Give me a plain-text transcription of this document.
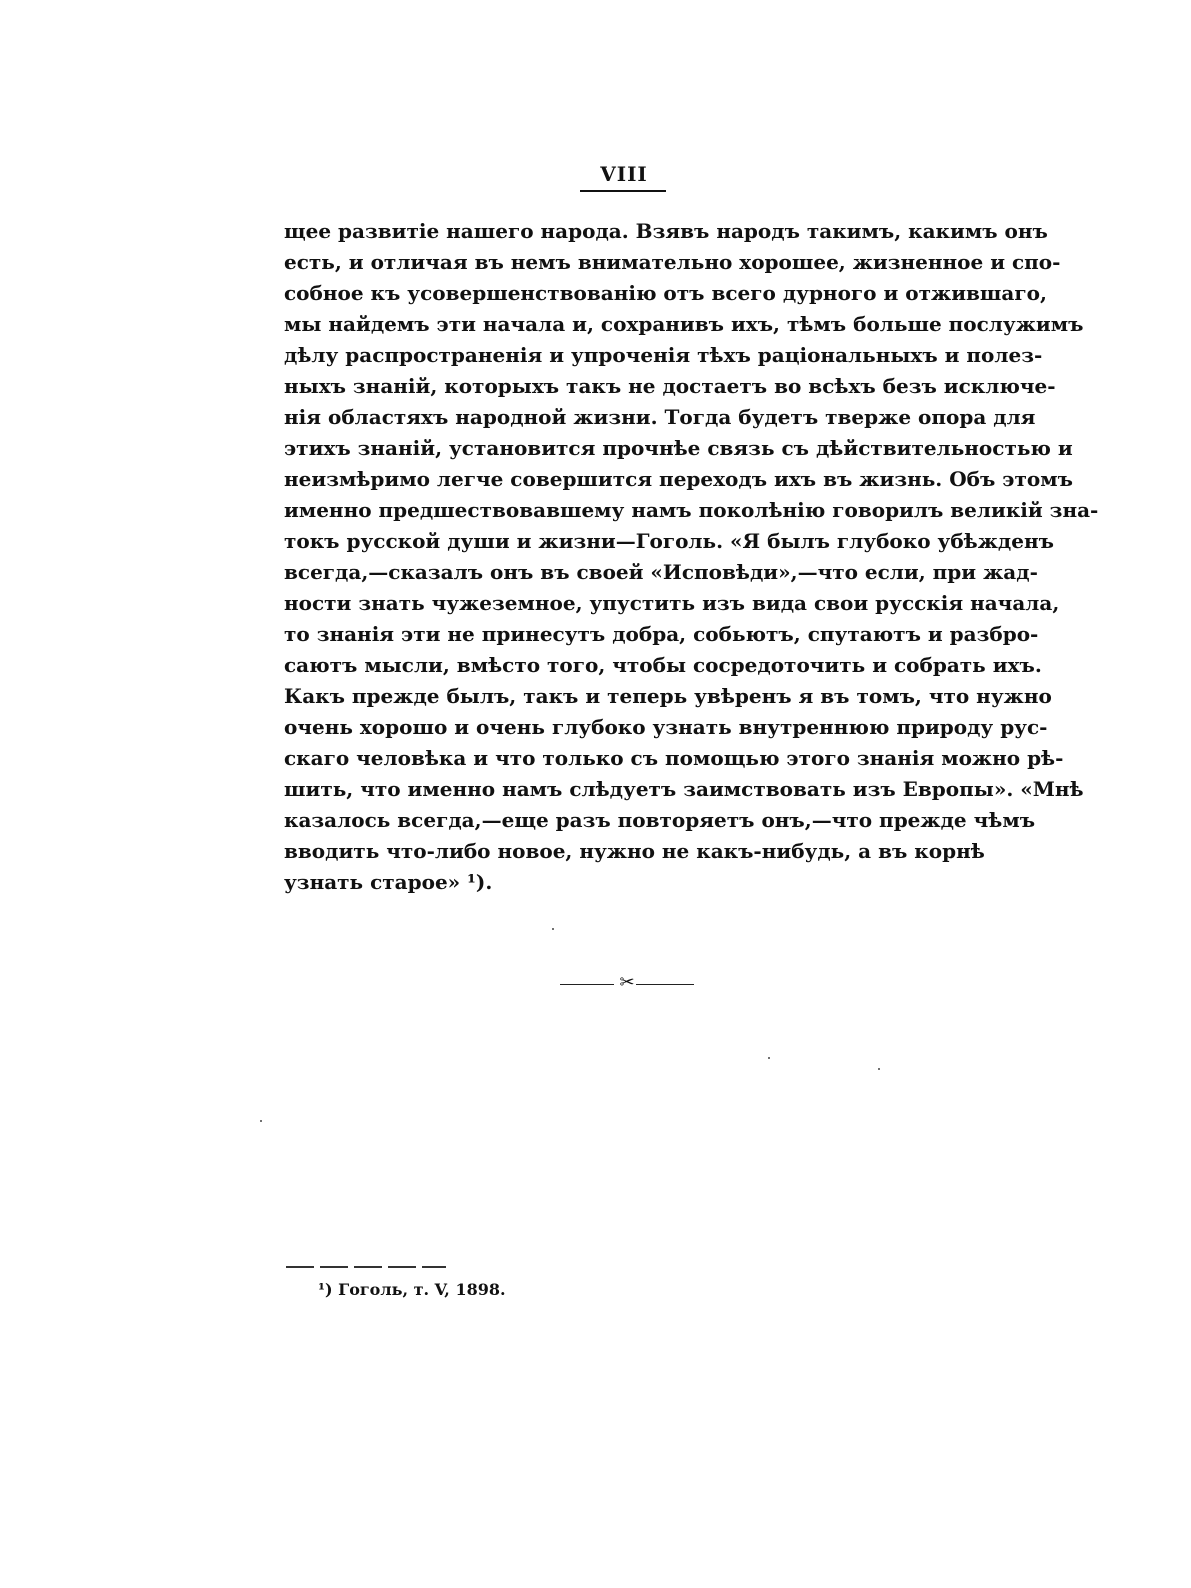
VIII
щее развитіе нашего народа. Взявъ народъ такимъ, какимъ онъ
есть, и отличая въ немъ внимательно хорошее, жизненное и спо-
собное къ усовершенствованію отъ всего дурного и отжившаго,
мы найдемъ эти начала и, сохранивъ ихъ, тѣмъ больше послужимъ
дѣлу распространенія и упроченія тѣхъ раціональныхъ и полез-
ныхъ знаній, которыхъ такъ не достаетъ во всѣхъ безъ исключе-
нія областяхъ народной жизни. Тогда будетъ тверже опора для
этихъ знаній, установится прочнѣе связь съ дѣйствительностью и
неизмѣримо легче совершится переходъ ихъ въ жизнь. Объ этомъ
именно предшествовавшему намъ поколѣнію говорилъ великій зна-
токъ русской души и жизни—Гоголь. «Я былъ глубоко убѣжденъ
всегда,—сказалъ онъ въ своей «Исповѣди»,—что если, при жад-
ности знать чужеземное, упустить изъ вида свои русскія начала,
то знанія эти не принесутъ добра, собьютъ, спутаютъ и разбро-
саютъ мысли, вмѣсто того, чтобы сосредоточить и собрать ихъ.
Какъ прежде былъ, такъ и теперь увѣренъ я въ томъ, что нужно
очень хорошо и очень глубоко узнать внутреннюю природу рус-
скаго человѣка и что только съ помощью этого знанія можно рѣ-
шить, что именно намъ слѣдуетъ заимствовать изъ Европы». «Мнѣ
казалось всегда,—еще разъ повторяетъ онъ,—что прежде чѣмъ
вводить что-либо новое, нужно не какъ-нибудь, а въ корнѣ
узнать старое» ¹).
✂
¹) Гоголь, т. V, 1898.
